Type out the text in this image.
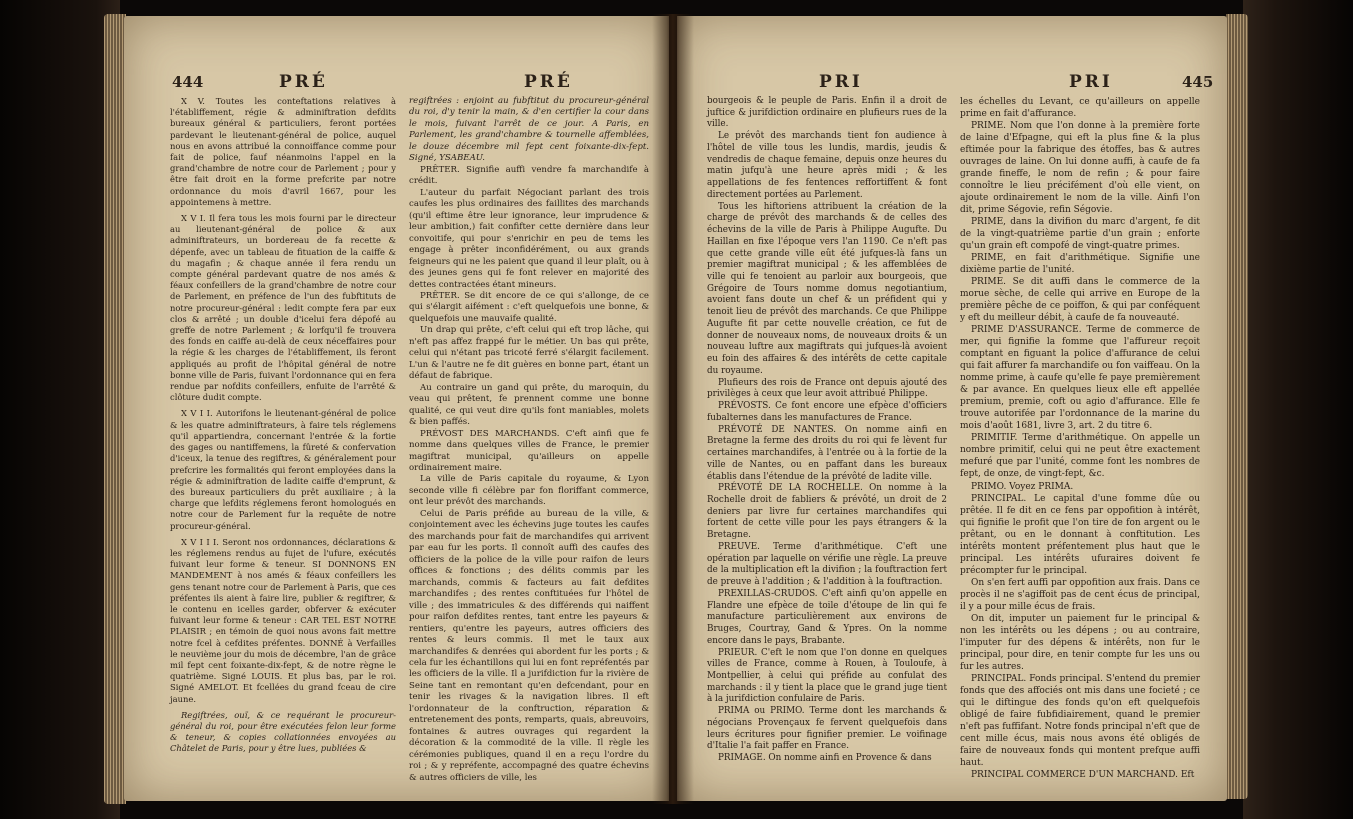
444	PRÉ	PRÉ

X V. Toutes les conteftations relatives à l'établiffement, régie & adminiftration defdits bureaux général & particuliers, feront portées pardevant le lieutenant-général de police, auquel nous en avons attribué la connoiffance comme pour fait de police, fauf néanmoins l'appel en la grand'chambre de notre cour de Parlement ; pour y être fait droit en la forme prefcrite par notre ordonnance du mois d'avril 1667, pour les appointemens à mettre.

X V I. Il fera tous les mois fourni par le directeur au lieutenant-général de police & aux adminiftrateurs, un bordereau de fa recette & dépenfe, avec un tableau de fituation de la caiffe & du magafin ; & chaque année il fera rendu un compte général pardevant quatre de nos amés & féaux confeillers de la grand'chambre de notre cour de Parlement, en préfence de l'un des fubftituts de notre procureur-général : ledit compte fera par eux clos & arrêté ; un double d'icelui fera dépofé au greffe de notre Parlement ; & lorfqu'il fe trouvera des fonds en caiffe au-delà de ceux néceffaires pour la régie & les charges de l'établiffement, ils feront appliqués au profit de l'hôpital général de notre bonne ville de Paris, fuivant l'ordonnance qui en fera rendue par nofdits confeillers, enfuite de l'arrêté & clôture dudit compte.

X V I I. Autorifons le lieutenant-général de police & les quatre adminiftrateurs, à faire tels réglemens qu'il appartiendra, concernant l'entrée & la fortie des gages ou nantiffemens, la fûreté & confervation d'iceux, la tenue des regiftres, & généralement pour prefcrire les formalités qui feront employées dans la régie & adminiftration de ladite caiffe d'emprunt, & des bureaux particuliers du prêt auxiliaire ; à la charge que lefdits réglemens feront homologués en notre cour de Parlement fur la requête de notre procureur-général.

X V I I I. Seront nos ordonnances, déclarations & les réglemens rendus au fujet de l'ufure, exécutés fuivant leur forme & teneur. SI DONNONS EN MANDEMENT à nos amés & féaux confeillers les gens tenant notre cour de Parlement à Paris, que ces préfentes ils aient à faire lire, publier & regiftrer, & le contenu en icelles garder, obferver & exécuter fuivant leur forme & teneur : CAR TEL EST NOTRE PLAISIR ; en témoin de quoi nous avons fait mettre notre fcel à cefdites préfentes. DONNÉ à Verfailles le neuvième jour du mois de décembre, l'an de grâce mil fept cent foixante-dix-fept, & de notre règne le quatrième. Signé LOUIS. Et plus bas, par le roi. Signé AMELOT. Et fcellées du grand fceau de cire jaune.

Regiftrées, ouï, & ce requérant le procureur-général du roi, pour être exécutées felon leur forme & teneur, & copies collationnées envoyées au Châtelet de Paris, pour y être lues, publiées &

regiftrées : enjoint au fubftitut du procureur-général du roi, d'y tenir la main, & d'en certifier la cour dans le mois, fuivant l'arrêt de ce jour. A Paris, en Parlement, les grand'chambre & tournelle affemblées, le douze décembre mil fept cent foixante-dix-fept. Signé, YSABEAU.

PRÊTER. Signifie auffi vendre fa marchandife à crédit.

L'auteur du parfait Négociant parlant des trois caufes les plus ordinaires des faillites des marchands (qu'il eftime être leur ignorance, leur imprudence & leur ambition,) fait confifter cette dernière dans leur convoitife, qui pour s'enrichir en peu de tems les engage à prêter inconfidérément, ou aux grands feigneurs qui ne les paient que quand il leur plaît, ou à des jeunes gens qui fe font relever en majorité des dettes contractées étant mineurs.

PRÊTER. Se dit encore de ce qui s'allonge, de ce qui s'élargit aifément : c'eft quelquefois une bonne, & quelquefois une mauvaife qualité.

Un drap qui prête, c'eft celui qui eft trop lâche, qui n'eft pas affez frappé fur le métier. Un bas qui prête, celui qui n'étant pas tricoté ferré s'élargit facilement. L'un & l'autre ne fe dit guères en bonne part, étant un défaut de fabrique.

Au contraire un gand qui prête, du maroquin, du veau qui prêtent, fe prennent comme une bonne qualité, ce qui veut dire qu'ils font maniables, molets & bien paffés.

PRÉVOST DES MARCHANDS. C'eft ainfi que fe nomme dans quelques villes de France, le premier magiftrat municipal, qu'ailleurs on appelle ordinairement maire.

La ville de Paris capitale du royaume, & Lyon seconde ville fi célèbre par fon floriffant commerce, ont leur prévôt des marchands.

Celui de Paris préfide au bureau de la ville, & conjointement avec les échevins juge toutes les caufes des marchands pour fait de marchandifes qui arrivent par eau fur les ports. Il connoît auffi des caufes des officiers de la police de la ville pour raifon de leurs offices & fonctions ; des délits commis par les marchands, commis & facteurs au fait defdites marchandifes ; des rentes conftituées fur l'hôtel de ville ; des immatricules & des différends qui naiffent pour raifon defdites rentes, tant entre les payeurs & rentiers, qu'entre les payeurs, autres officiers des rentes & leurs commis. Il met le taux aux marchandifes & denrées qui abordent fur les ports ; & cela fur les échantillons qui lui en font repréfentés par les officiers de la ville. Il a jurifdiction fur la rivière de Seine tant en remontant qu'en defcendant, pour en tenir les rivages & la navigation libres. Il eft l'ordonnateur de la conftruction, réparation & entretenement des ponts, remparts, quais, abreuvoirs, fontaines & autres ouvrages qui regardent la décoration & la commodité de la ville. Il règle les cérémonies publiques, quand il en a reçu l'ordre du roi ; & y repréfente, accompagné des quatre échevins & autres officiers de ville, les

PRI	PRI	445

bourgeois & le peuple de Paris. Enfin il a droit de juftice & jurifdiction ordinaire en plufieurs rues de la ville.

Le prévôt des marchands tient fon audience à l'hôtel de ville tous les lundis, mardis, jeudis & vendredis de chaque femaine, depuis onze heures du matin jufqu'à une heure après midi ; & les appellations de fes fentences reffortiffent & font directement portées au Parlement.

Tous les hiftoriens attribuent la création de la charge de prévôt des marchands & de celles des échevins de la ville de Paris à Philippe Augufte. Du Haillan en fixe l'époque vers l'an 1190. Ce n'eft pas que cette grande ville eût été jufques-là fans un premier magiftrat municipal ; & les affemblées de ville qui fe tenoient au parloir aux bourgeois, que Grégoire de Tours nomme domus negotiantium, avoient fans doute un chef & un préfident qui y tenoit lieu de prévôt des marchands. Ce que Philippe Augufte fit par cette nouvelle création, ce fut de donner de nouveaux noms, de nouveaux droits & un nouveau luftre aux magiftrats qui jufques-là avoient eu foin des affaires & des intérêts de cette capitale du royaume.

Plufieurs des rois de France ont depuis ajouté des privilèges à ceux que leur avoit attribué Philippe.

PRÉVOSTS. Ce font encore une efpèce d'officiers fubalternes dans les manufactures de France.

PRÉVOTÉ DE NANTES. On nomme ainfi en Bretagne la ferme des droits du roi qui fe lèvent fur certaines marchandifes, à l'entrée ou à la fortie de la ville de Nantes, ou en paffant dans les bureaux établis dans l'étendue de la prévôté de ladite ville.

PRÉVOTÉ DE LA ROCHELLE. On nomme à la Rochelle droit de fabliers & prévôté, un droit de 2 deniers par livre fur certaines marchandifes qui fortent de cette ville pour les pays étrangers & la Bretagne.

PREUVE. Terme d'arithmétique. C'eft une opération par laquelle on vérifie une règle. La preuve de la multiplication eft la divifion ; la fouftraction fert de preuve à l'addition ; & l'addition à la fouftraction.

PREXILLAS-CRUDOS. C'eft ainfi qu'on appelle en Flandre une efpèce de toile d'étoupe de lin qui fe manufacture particulièrement aux environs de Bruges, Courtray, Gand & Ypres. On la nomme encore dans le pays, Brabante.

PRIEUR. C'eft le nom que l'on donne en quelques villes de France, comme à Rouen, à Touloufe, à Montpellier, à celui qui préfide au confulat des marchands : il y tient la place que le grand juge tient à la jurifdiction confulaire de Paris.

PRIMA ou PRIMO. Terme dont les marchands & négocians Provençaux fe fervent quelquefois dans leurs écritures pour fignifier premier. Le voifinage d'Italie l'a fait paffer en France.

PRIMAGE. On nomme ainfi en Provence & dans

les échelles du Levant, ce qu'ailleurs on appelle prime en fait d'affurance.

PRIME. Nom que l'on donne à la première forte de laine d'Efpagne, qui eft la plus fine & la plus eftimée pour la fabrique des étoffes, bas & autres ouvrages de laine. On lui donne auffi, à caufe de fa grande fineffe, le nom de refin ; & pour faire connoître le lieu précifément d'où elle vient, on ajoute ordinairement le nom de la ville. Ainfi l'on dit, prime Ségovie, refin Ségovie.

PRIME, dans la divifion du marc d'argent, fe dit de la vingt-quatrième partie d'un grain ; enforte qu'un grain eft compofé de vingt-quatre primes.

PRIME, en fait d'arithmétique. Signifie une dixième partie de l'unité.

PRIME. Se dit auffi dans le commerce de la morue sèche, de celle qui arrive en Europe de la première pêche de ce poiffon, & qui par conféquent y eft du meilleur débit, à caufe de fa nouveauté.

PRIME D'ASSURANCE. Terme de commerce de mer, qui fignifie la fomme que l'affureur reçoit comptant en figuant la police d'affurance de celui qui fait affurer fa marchandife ou fon vaiffeau. On la nomme prime, à caufe qu'elle fe paye premièrement & par avance. En quelques lieux elle eft appellée premium, premie, coft ou agio d'affurance. Elle fe trouve autorifée par l'ordonnance de la marine du mois d'août 1681, livre 3, art. 2 du titre 6.

PRIMITIF. Terme d'arithmétique. On appelle un nombre primitif, celui qui ne peut être exactement mefuré que par l'unité, comme font les nombres de fept, de onze, de vingt-fept, &c.

PRIMO. Voyez PRIMA.

PRINCIPAL. Le capital d'une fomme dûe ou prêtée. Il fe dit en ce fens par oppofition à intérêt, qui fignifie le profit que l'on tire de fon argent ou le prêtant, ou en le donnant à conftitution. Les intérêts montent préfentement plus haut que le principal. Les intérêts ufuraires doivent fe précompter fur le principal.

On s'en fert auffi par oppofition aux frais. Dans ce procès il ne s'agiffoit pas de cent écus de principal, il y a pour mille écus de frais.

On dit, imputer un paiement fur le principal & non les intérêts ou les dépens ; ou au contraire, l'imputer fur des dépens & intérêts, non fur le principal, pour dire, en tenir compte fur les uns ou fur les autres.

PRINCIPAL. Fonds principal. S'entend du premier fonds que des affociés ont mis dans une focieté ; ce qui le diftingue des fonds qu'on eft quelquefois obligé de faire fubfidiairement, quand le premier n'eft pas fuffifant. Notre fonds principal n'eft que de cent mille écus, mais nous avons été obligés de faire de nouveaux fonds qui montent prefque auffi haut.

PRINCIPAL COMMERCE D'UN MARCHAND. Eft
